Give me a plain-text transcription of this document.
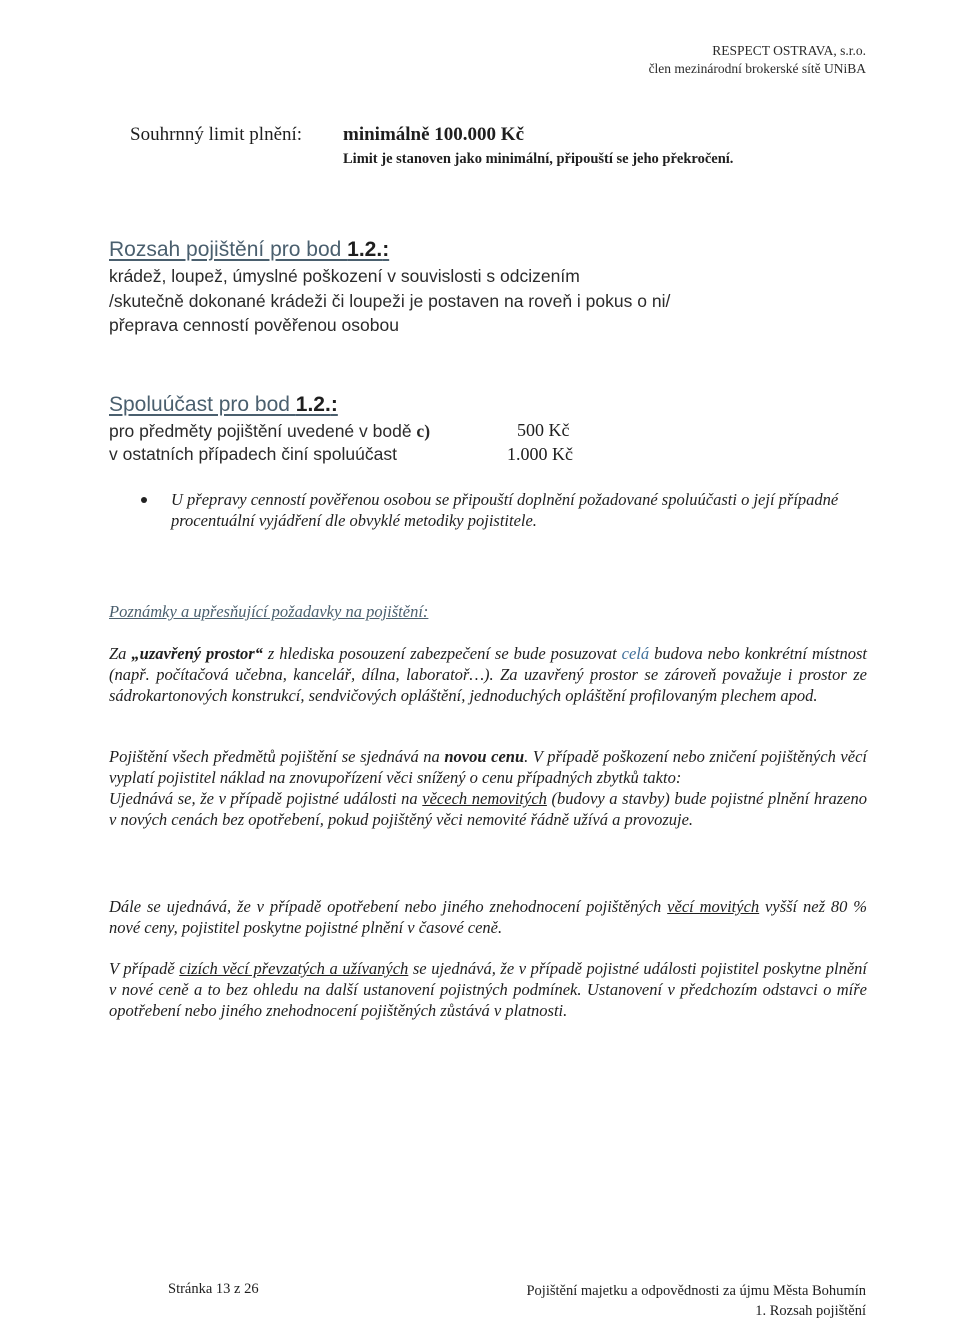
RESPECT OSTRAVA, s.r.o.
člen mezinárodní brokerské sítě UNiBA
Souhrnný limit plnění: minimálně 100.000 Kč
Limit je stanoven jako minimální, připouští se jeho překročení.
Rozsah pojištění pro bod 1.2.:
krádež, loupež, úmyslné poškození v souvislosti s odcizením
/skutečně dokonané krádeži či loupeži je postaven na roveň i pokus o ni/
přeprava cenností pověřenou osobou
Spoluúčast pro bod 1.2.:
pro předměty pojištění uvedené v bodě c)	500 Kč
v ostatních případech činí spoluúčast	1.000 Kč
U přepravy cenností pověřenou osobou se připouští doplnění požadované spoluúčasti o její případné procentuální vyjádření dle obvyklé metodiky pojistitele.
Poznámky a upřesňující požadavky na pojištění:
Za „uzavřený prostor“ z hlediska posouzení zabezpečení se bude posuzovat celá budova nebo konkrétní místnost (např. počítačová učebna, kancelář, dílna, laboratoř…). Za uzavřený prostor se zároveň považuje i prostor ze sádrokartonových konstrukcí, sendvičových opláštění, jednoduchých opláštění profilovaným plechem apod.
Pojištění všech předmětů pojištění se sjednává na novou cenu. V případě poškození nebo zničení pojištěných věcí vyplatí pojistitel náklad na znovupořízení věci snížený o cenu případných zbytků takto:
Ujednává se, že v případě pojistné události na věcech nemovitých (budovy a stavby) bude pojistné plnění hrazeno v nových cenách bez opotřebení, pokud pojištěný věci nemovité řádně užívá a provozuje.
Dále se ujednává, že v případě opotřebení nebo jiného znehodnocení pojištěných věcí movitých vyšší než 80 % nové ceny, pojistitel poskytne pojistné plnění v časové ceně.
V případě cizích věcí převzatých a užívaných se ujednává, že v případě pojistné události pojistitel poskytne plnění v nové ceně a to bez ohledu na další ustanovení pojistných podmínek. Ustanovení v předchozím odstavci o míře opotřebení nebo jiného znehodnocení pojištěných zůstává v platnosti.
Stránka 13 z 26	Pojištění majetku a odpovědnosti za újmu Města Bohumín
1. Rozsah pojištění
